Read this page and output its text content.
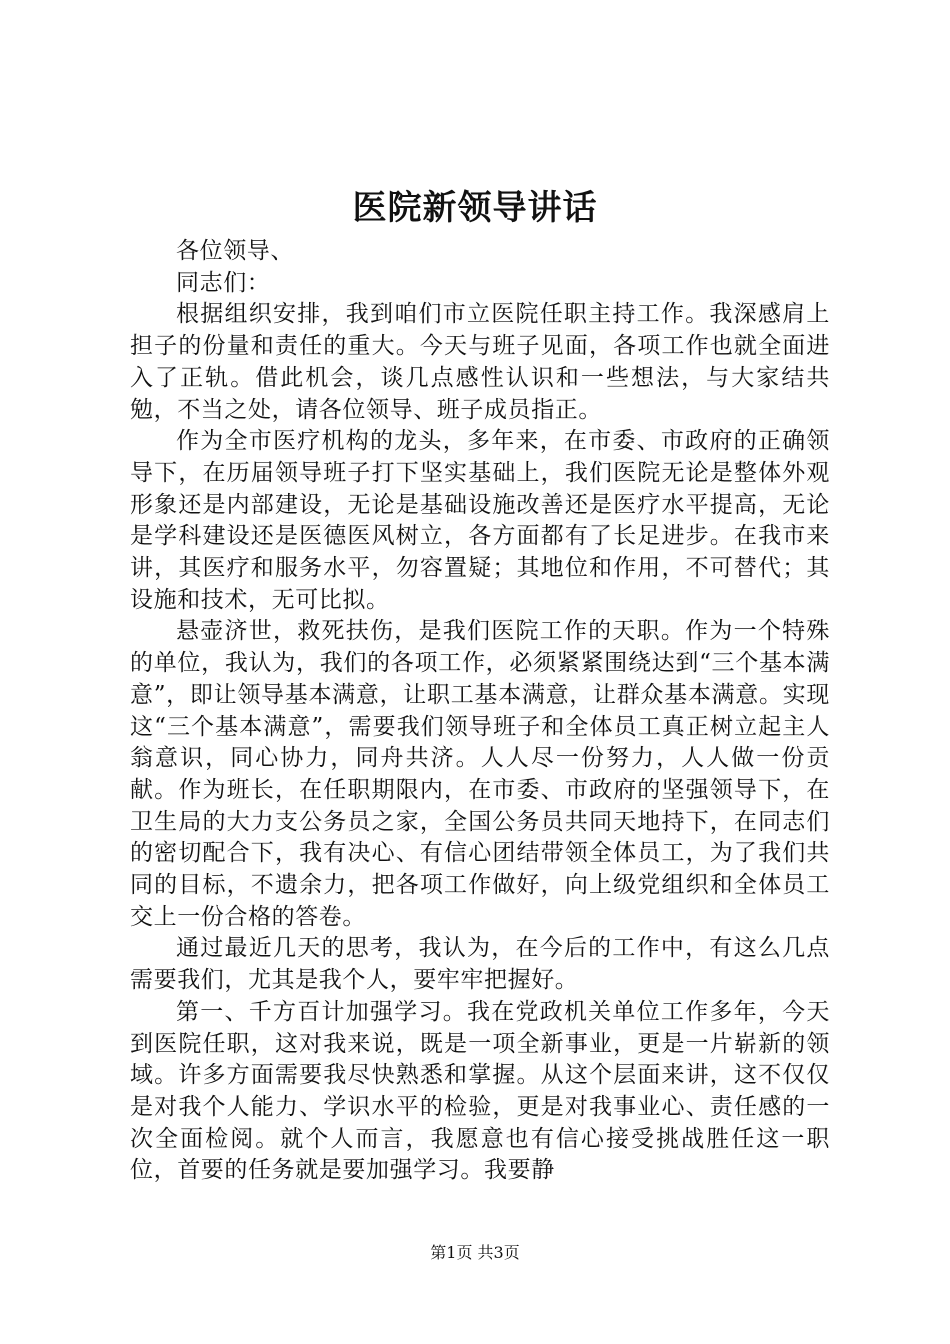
医院新领导讲话

各位领导、

同志们：

根据组织安排，我到咱们市立医院任职主持工作。我深感肩上担子的份量和责任的重大。今天与班子见面，各项工作也就全面进入了正轨。借此机会，谈几点感性认识和一些想法，与大家结共勉，不当之处，请各位领导、班子成员指正。

作为全市医疗机构的龙头，多年来，在市委、市政府的正确领导下，在历届领导班子打下坚实基础上，我们医院无论是整体外观形象还是内部建设，无论是基础设施改善还是医疗水平提高，无论是学科建设还是医德医风树立，各方面都有了长足进步。在我市来讲，其医疗和服务水平，勿容置疑；其地位和作用，不可替代；其设施和技术，无可比拟。

悬壶济世，救死扶伤，是我们医院工作的天职。作为一个特殊的单位，我认为，我们的各项工作，必须紧紧围绕达到“三个基本满意”，即让领导基本满意，让职工基本满意，让群众基本满意。实现这“三个基本满意”，需要我们领导班子和全体员工真正树立起主人翁意识，同心协力，同舟共济。人人尽一份努力，人人做一份贡献。作为班长，在任职期限内，在市委、市政府的坚强领导下，在卫生局的大力支公务员之家，全国公务员共同天地持下，在同志们的密切配合下，我有决心、有信心团结带领全体员工，为了我们共同的目标，不遗余力，把各项工作做好，向上级党组织和全体员工交上一份合格的答卷。

通过最近几天的思考，我认为，在今后的工作中，有这么几点需要我们，尤其是我个人，要牢牢把握好。

第一、千方百计加强学习。我在党政机关单位工作多年，今天到医院任职，这对我来说，既是一项全新事业，更是一片崭新的领域。许多方面需要我尽快熟悉和掌握。从这个层面来讲，这不仅仅是对我个人能力、学识水平的检验，更是对我事业心、责任感的一次全面检阅。就个人而言，我愿意也有信心接受挑战胜任这一职位，首要的任务就是要加强学习。我要静

第1页 共3页
